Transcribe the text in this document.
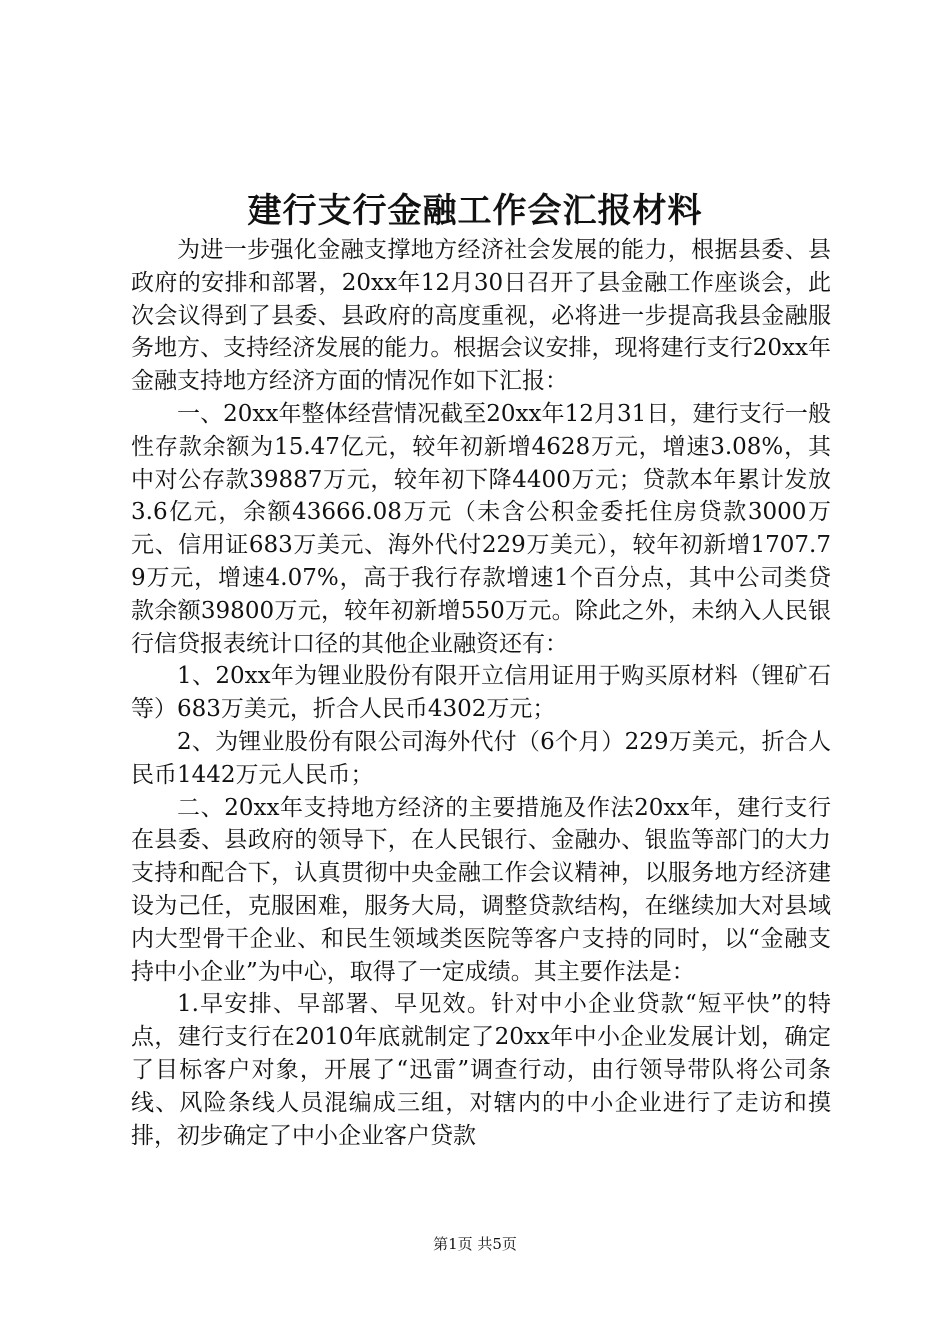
建行支行金融工作会汇报材料

为进一步强化金融支撑地方经济社会发展的能力，根据县委、县政府的安排和部署，20xx年12月30日召开了县金融工作座谈会，此次会议得到了县委、县政府的高度重视，必将进一步提高我县金融服务地方、支持经济发展的能力。根据会议安排，现将建行支行20xx年金融支持地方经济方面的情况作如下汇报：

一、20xx年整体经营情况截至20xx年12月31日，建行支行一般性存款余额为15.47亿元，较年初新增4628万元，增速3.08%，其中对公存款39887万元，较年初下降4400万元；贷款本年累计发放3.6亿元，余额43666.08万元（未含公积金委托住房贷款3000万元、信用证683万美元、海外代付229万美元），较年初新增1707.79万元，增速4.07%，高于我行存款增速1个百分点，其中公司类贷款余额39800万元，较年初新增550万元。除此之外，未纳入人民银行信贷报表统计口径的其他企业融资还有：

1、20xx年为锂业股份有限开立信用证用于购买原材料（锂矿石等）683万美元，折合人民币4302万元；

2、为锂业股份有限公司海外代付（6个月）229万美元，折合人民币1442万元人民币；

二、20xx年支持地方经济的主要措施及作法20xx年，建行支行在县委、县政府的领导下，在人民银行、金融办、银监等部门的大力支持和配合下，认真贯彻中央金融工作会议精神，以服务地方经济建设为己任，克服困难，服务大局，调整贷款结构，在继续加大对县域内大型骨干企业、和民生领域类医院等客户支持的同时，以“金融支持中小企业”为中心，取得了一定成绩。其主要作法是：

1.早安排、早部署、早见效。针对中小企业贷款“短平快”的特点，建行支行在2010年底就制定了20xx年中小企业发展计划，确定了目标客户对象，开展了“迅雷”调查行动，由行领导带队将公司条线、风险条线人员混编成三组，对辖内的中小企业进行了走访和摸排，初步确定了中小企业客户贷款

第1页 共5页
